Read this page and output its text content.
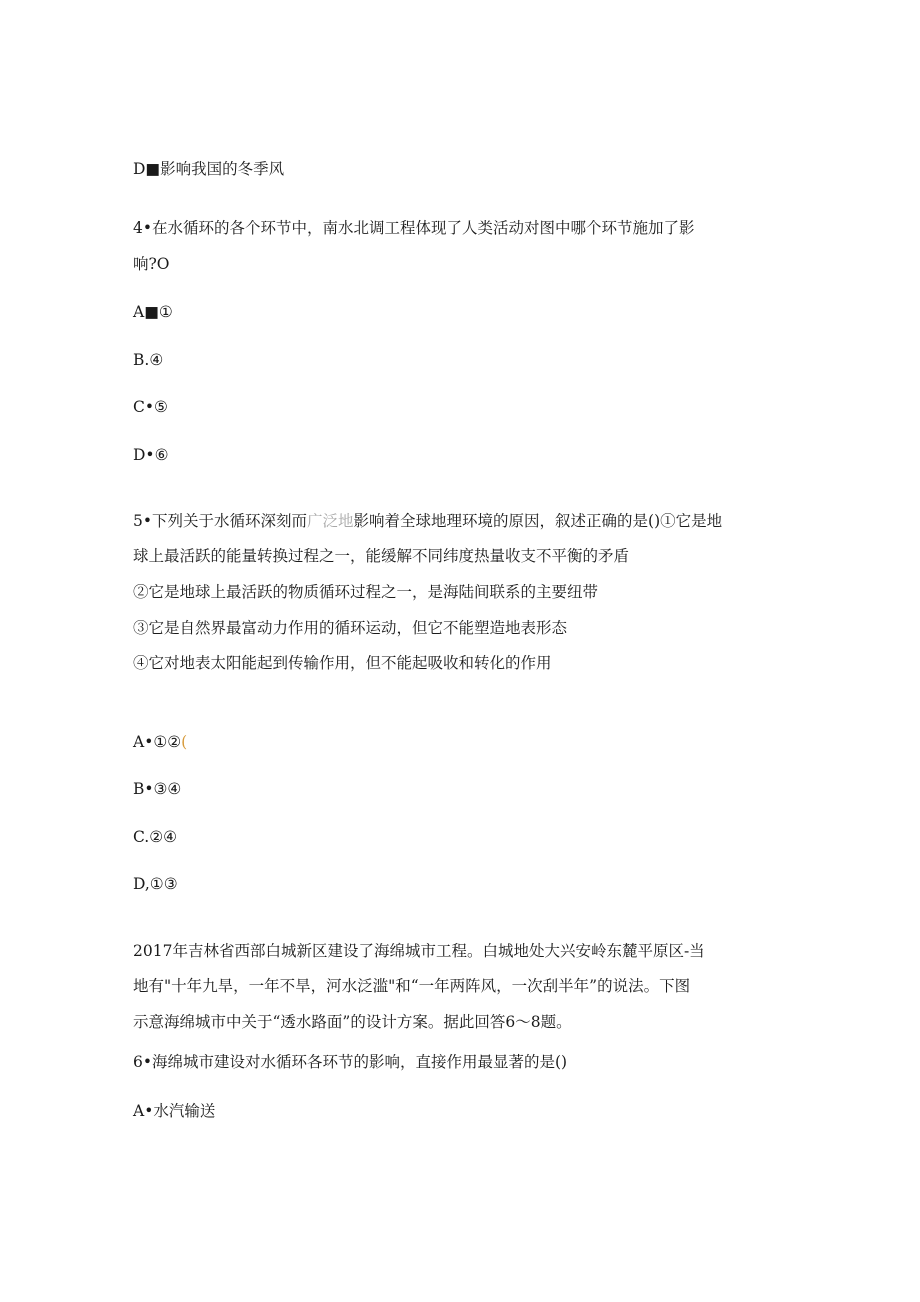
D■影响我国的冬季风
4•在水循环的各个环节中，南水北调工程体现了人类活动对图中哪个环节施加了影
响?O
A■①
B.④
C•⑤
D•⑥
5•下列关于水循环深刻而广泛地影响着全球地理环境的原因，叙述正确的是()①它是地
球上最活跃的能量转换过程之一，能缓解不同纬度热量收支不平衡的矛盾
②它是地球上最活跃的物质循环过程之一，是海陆间联系的主要纽带
③它是自然界最富动力作用的循环运动，但它不能塑造地表形态
④它对地表太阳能起到传输作用，但不能起吸收和转化的作用
A•①②(
B•③④
C.②④
D,①③
2017年吉林省西部白城新区建设了海绵城市工程。白城地处大兴安岭东麓平原区-当
地有"十年九旱，一年不旱，河水泛滥"和“一年两阵风，一次刮半年”的说法。下图
示意海绵城市中关于“透水路面”的设计方案。据此回答6～8题。
6•海绵城市建设对水循环各环节的影响，直接作用最显著的是()
A•水汽输送
